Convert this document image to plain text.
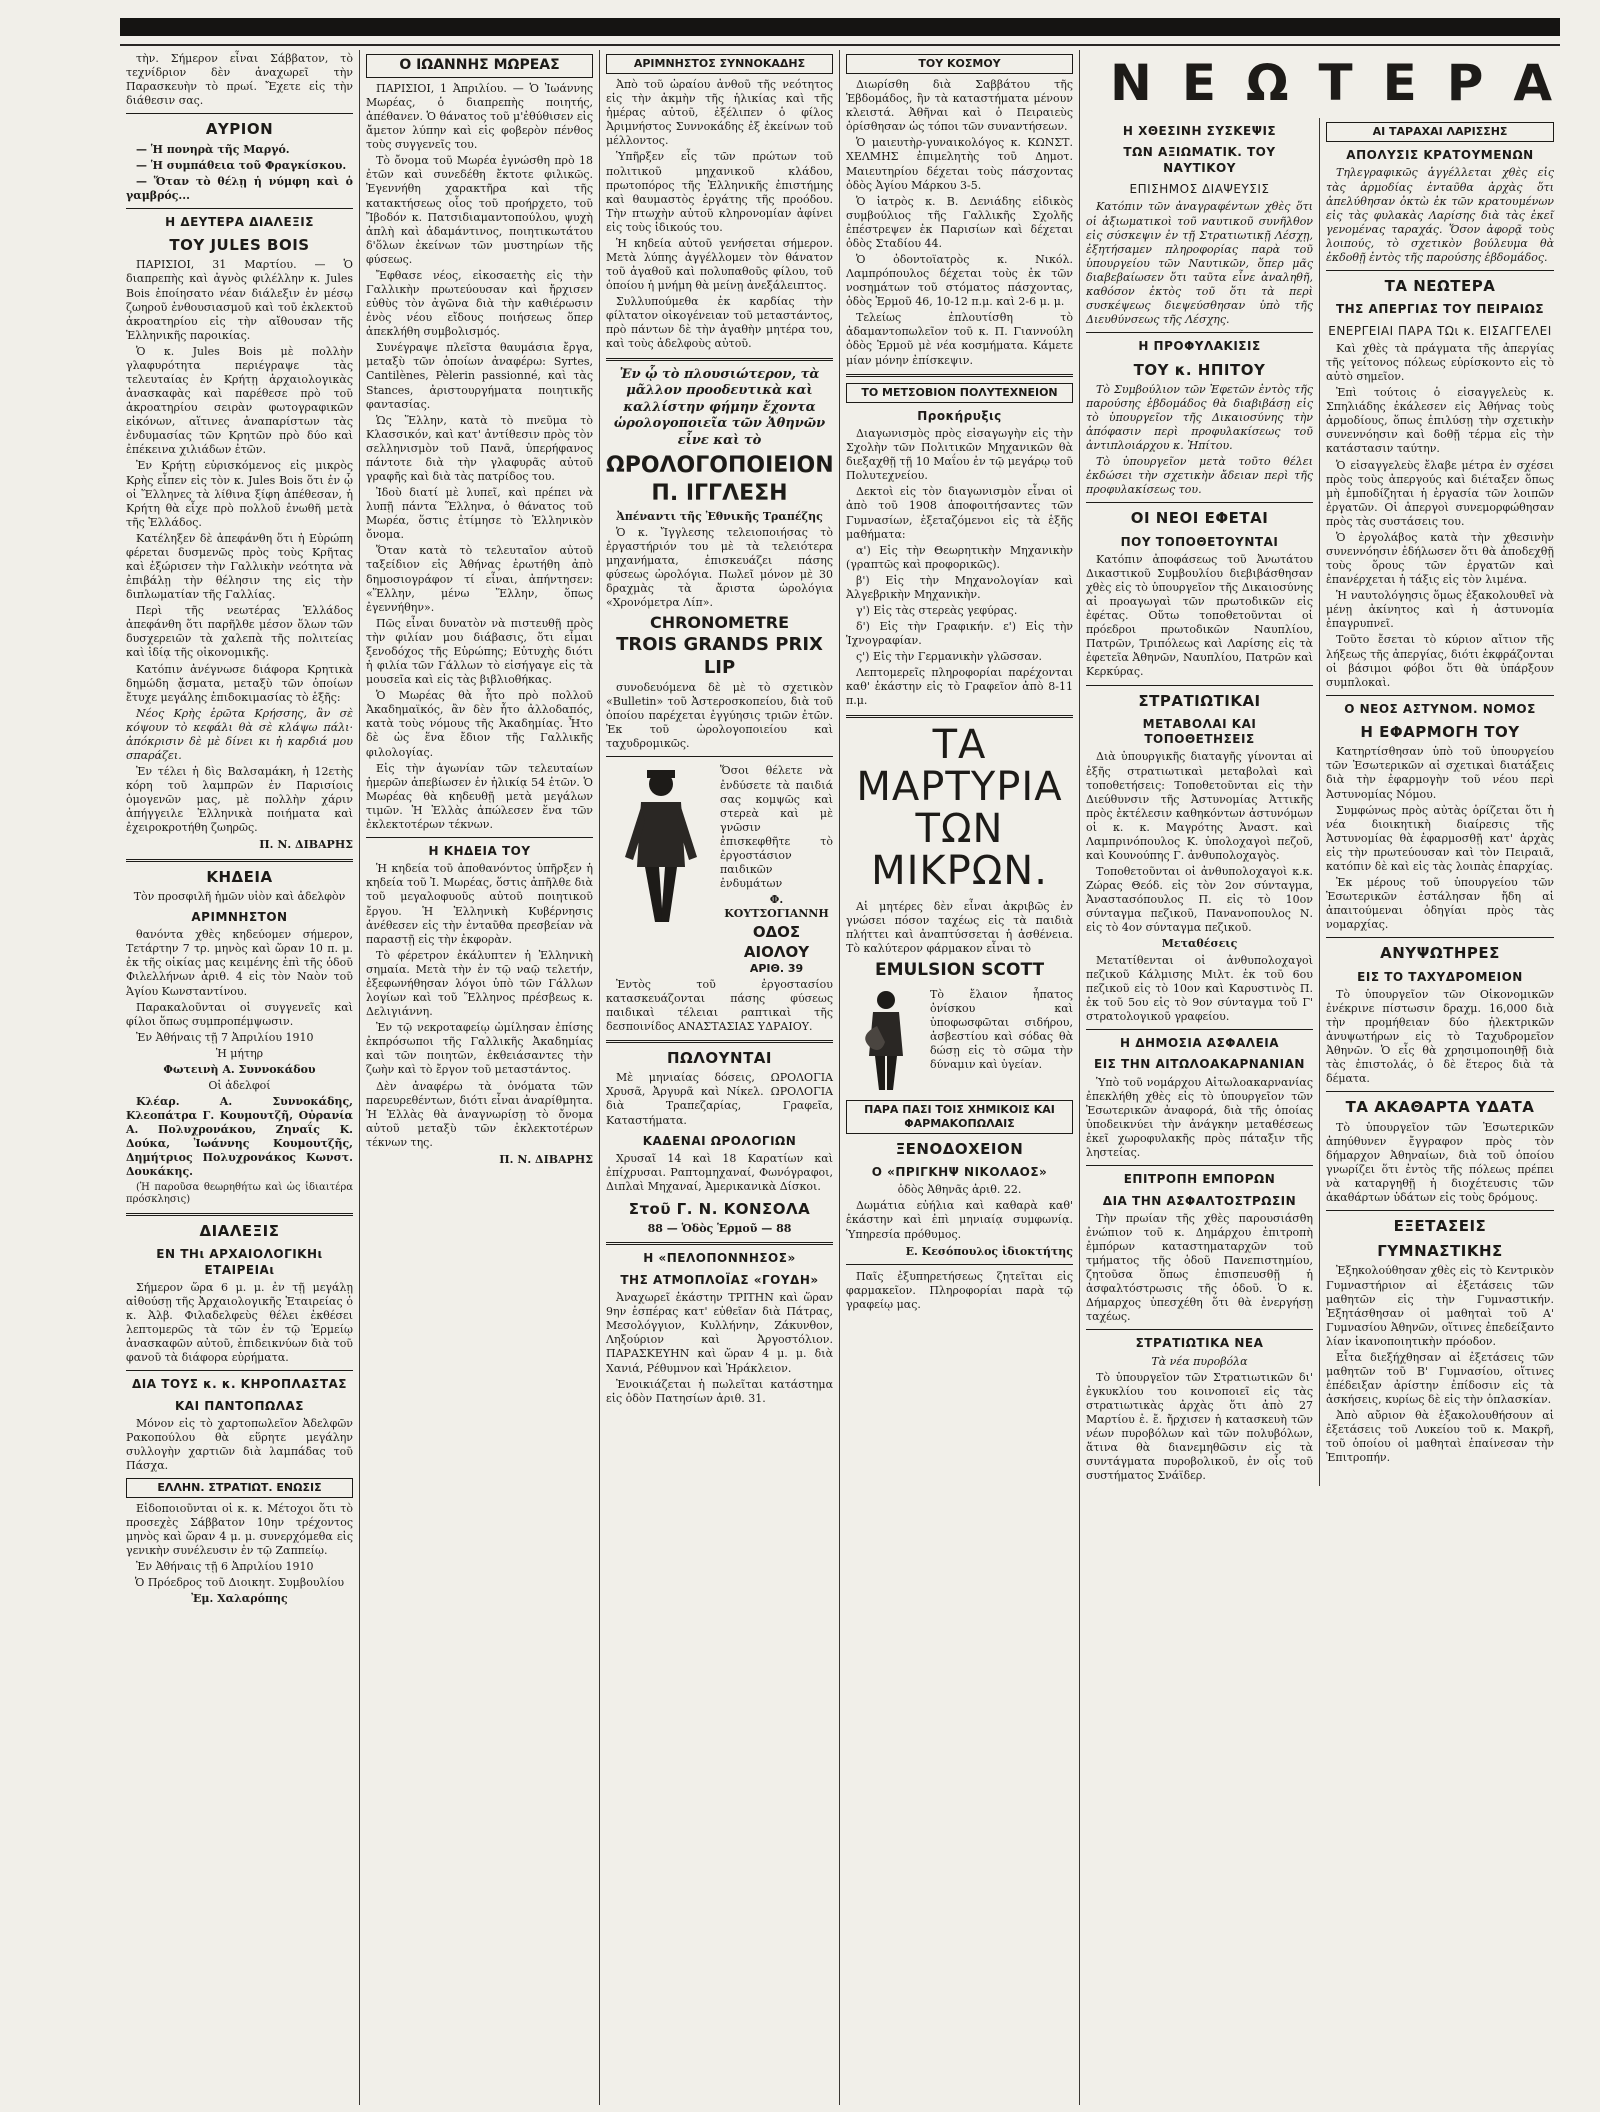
τὴν. Σήμερον εἶναι Σάββατον, τὸ τεχνίδριον δὲν ἀναχωρεῖ τὴν Παρασκευὴν τὸ πρωί. Ἔχετε εἰς τὴν διάθεσιν σας.
ΑΥΡΙΟΝ
— Ἡ πονηρὰ τῆς Μαργό.
— Ἡ συμπάθεια τοῦ Φραγκίσκου.
— Ὅταν τὸ θέλῃ ἡ νύμφη καὶ ὁ γαμβρός...
Η ΔΕΥΤΕΡΑ ΔΙΑΛΕΞΙΣ
ΤΟΥ JULES BOIS
ΠΑΡΙΣΙΟΙ, 31 Μαρτίου. — Ὁ διαπρεπὴς καὶ ἀγνὸς φιλέλλην κ. Jules Bois ἐποίησατο νέαν διάλεξιν ἐν μέσῳ ζωηροῦ ἐνθουσιασμοῦ καὶ τοῦ ἐκλεκτοῦ ἀκροατηρίου εἰς τὴν αἴθουσαν τῆς Ἑλληνικῆς παροικίας.
Ὁ κ. Jules Bois μὲ πολλὴν γλαφυρότητα περιέγραψε τὰς τελευταίας ἐν Κρήτῃ ἀρχαιολογικὰς ἀνασκαφὰς καὶ παρέθεσε πρὸ τοῦ ἀκροατηρίου σειρὰν φωτογραφικῶν εἰκόνων, αἵτινες ἀναπαρίστων τὰς ἐνδυμασίας τῶν Κρητῶν πρὸ δύο καὶ ἐπέκεινα χιλιάδων ἐτῶν.
Ἐν Κρήτῃ εὑρισκόμενος εἰς μικρὸς Κρὴς εἶπεν εἰς τὸν κ. Jules Bois ὅτι ἐν ᾧ οἱ Ἕλληνες τὰ λίθινα ξίφη ἀπέθεσαν, ἡ Κρήτη θὰ εἶχε πρὸ πολλοῦ ἑνωθῆ μετὰ τῆς Ἑλλάδος.
Κατέληξεν δὲ ἀπεφάνθη ὅτι ἡ Εὐρώπη φέρεται δυσμενῶς πρὸς τοὺς Κρῆτας καὶ ἐξώρισεν τὴν Γαλλικὴν νεότητα νὰ ἐπιβάλῃ τὴν θέλησιν της εἰς τὴν διπλωματίαν τῆς Γαλλίας.
Περὶ τῆς νεωτέρας Ἑλλάδος ἀπεφάνθη ὅτι παρῆλθε μέσον ὅλων τῶν δυσχερειῶν τὰ χαλεπὰ τῆς πολιτείας καὶ ἰδίᾳ τῆς οἰκονομικῆς.
Κατόπιν ἀνέγνωσε διάφορα Κρητικὰ δημώδη ᾄσματα, μεταξὺ τῶν ὁποίων ἔτυχε μεγάλης ἐπιδοκιμασίας τὸ ἑξῆς:
Νέος Κρὴς ἐρῶτα Κρήσσης, ἂν σὲ κόψουν τὸ κεφάλι θὰ σὲ κλάψω πάλι· ἀπόκρισιν δὲ μὲ δίνει κι ἡ καρδιά μου σπαράζει.
Ἐν τέλει ἡ δὶς Βαλσαμάκη, ἡ 12ετὴς κόρη τοῦ λαμπρῶν ἐν Παρισίοις ὁμογενῶν μας, μὲ πολλὴν χάριν ἀπήγγειλε Ἑλληνικὰ ποιήματα καὶ ἐχειροκροτήθη ζωηρῶς.
Π. Ν. ΔΙΒΑΡΗΣ
ΚΗΔΕΙΑ
Τὸν προσφιλῆ ἡμῶν υἱὸν καὶ ἀδελφὸν
ΑΡΙΜΝΗΣΤΟΝ
θανόντα χθὲς κηδεύομεν σήμερον, Τετάρτην 7 τρ. μηνὸς καὶ ὥραν 10 π. μ. ἐκ τῆς οἰκίας μας κειμένης ἐπὶ τῆς ὁδοῦ Φιλελλήνων ἀριθ. 4 εἰς τὸν Ναὸν τοῦ Ἁγίου Κωνσταντίνου.
Παρακαλοῦνται οἱ συγγενεῖς καὶ φίλοι ὅπως συμπροπέμψωσιν.
Ἐν Ἀθήναις τῇ 7 Ἀπριλίου 1910
Ἡ μήτηρ
Φωτεινὴ Α. Συννοκάδου
Οἱ ἀδελφοί
Κλέαρ. Α. Συννοκάδης, Κλεοπάτρα Γ. Κουμουτζῆ, Οὐρανία Α. Πολυχρονάκου, Ζηναΐς Κ. Δούκα, Ἰωάννης Κουμουτζῆς, Δημήτριος Πολυχρονάκος Κωνστ. Δουκάκης.
(Ἡ παροῦσα θεωρηθήτω καὶ ὡς ἰδιαιτέρα πρόσκλησις)
ΔΙΑΛΕΞΙΣ
ΕΝ ΤΗι ΑΡΧΑΙΟΛΟΓΙΚΗι ΕΤΑΙΡΕΙΑι
Σήμερον ὥρα 6 μ. μ. ἐν τῇ μεγάλῃ αἰθούσῃ τῆς Ἀρχαιολογικῆς Ἑταιρείας ὁ κ. Ἀλβ. Φιλαδελφεὺς θέλει ἐκθέσει λεπτομερῶς τὰ τῶν ἐν τῷ Ἑρμείῳ ἀνασκαφῶν αὐτοῦ, ἐπιδεικνύων διὰ τοῦ φανοῦ τὰ διάφορα εὑρήματα.
ΔΙΑ ΤΟΥΣ κ. κ. ΚΗΡΟΠΛΑΣΤΑΣ
ΚΑΙ ΠΑΝΤΟΠΩΛΑΣ
Μόνον εἰς τὸ χαρτοπωλεῖον Ἀδελφῶν Ρακοπούλου θὰ εὕρητε μεγάλην συλλογὴν χαρτιῶν διὰ λαμπάδας τοῦ Πάσχα.
ΕΛΛΗΝ. ΣΤΡΑΤΙΩΤ. ΕΝΩΣΙΣ
Εἰδοποιοῦνται οἱ κ. κ. Μέτοχοι ὅτι τὸ προσεχὲς Σάββατον 10ην τρέχοντος μηνὸς καὶ ὥραν 4 μ. μ. συνερχόμεθα εἰς γενικὴν συνέλευσιν ἐν τῷ Ζαππείῳ.
Ἐν Ἀθήναις τῇ 6 Ἀπριλίου 1910
Ὁ Πρόεδρος τοῦ Διοικητ. Συμβουλίου
Ἐμ. Χαλαρόπης
Ο ΙΩΑΝΝΗΣ ΜΩΡΕΑΣ
ΠΑΡΙΣΙΟΙ, 1 Ἀπριλίου. — Ὁ Ἰωάννης Μωρέας, ὁ διαπρεπὴς ποιητής, ἀπέθανεν. Ὁ θάνατος τοῦ μ'ἐθύθισεν εἰς ἄμετον λύπην καὶ εἰς φοβερὸν πένθος τοὺς συγγενεῖς του.
Τὸ ὄνομα τοῦ Μωρέα ἐγνώσθη πρὸ 18 ἐτῶν καὶ συνεδέθη ἔκτοτε φιλικῶς. Ἐγεννήθη χαρακτῆρα καὶ τῆς κατακτήσεως οἷος τοῦ προήρχετο, τοῦ Ἴβοδόν κ. Πατσιδιαμαντοπούλου, ψυχὴ ἁπλὴ καὶ ἀδαμάντινος, ποιητικωτάτου δ'ὅλων ἐκείνων τῶν μυστηρίων τῆς φύσεως.
Ἔφθασε νέος, εἰκοσαετὴς εἰς τὴν Γαλλικὴν πρωτεύουσαν καὶ ἤρχισεν εὐθὺς τὸν ἀγῶνα διὰ τὴν καθιέρωσιν ἑνὸς νέου εἴδους ποιήσεως ὅπερ ἀπεκλήθη συμβολισμός.
Συνέγραψε πλεῖστα θαυμάσια ἔργα, μεταξὺ τῶν ὁποίων ἀναφέρω: Syrtes, Cantilènes, Pèlerin passionné, καὶ τὰς Stances, ἀριστουργήματα ποιητικῆς φαντασίας.
Ὡς Ἕλλην, κατὰ τὸ πνεῦμα τὸ Κλασσικόν, καὶ κατ' ἀντίθεσιν πρὸς τὸν σελληνισμὸν τοῦ Πανᾶ, ὑπερήφανος πάντοτε διὰ τὴν γλαφυρᾶς αὐτοῦ γραφῆς καὶ διὰ τὰς πατρίδος του.
Ἰδοὺ διατί μὲ λυπεῖ, καὶ πρέπει νὰ λυπῇ πάντα Ἕλληνα, ὁ θάνατος τοῦ Μωρέα, ὅστις ἐτίμησε τὸ Ἑλληνικὸν ὄνομα.
Ὅταν κατὰ τὸ τελευταῖον αὐτοῦ ταξείδιον εἰς Ἀθήνας ἐρωτήθη ἀπὸ δημοσιογράφον τί εἶναι, ἀπήντησεν: «Ἕλλην, μένω Ἕλλην, ὅπως ἐγεννήθην».
Πῶς εἶναι δυνατὸν νὰ πιστευθῇ πρὸς τὴν φιλίαν μου διάβασις, ὅτι εἶμαι ξενοδόχος τῆς Εὐρώπης; Εὐτυχὴς διότι ἡ φιλία τῶν Γάλλων τὸ εἰσήγαγε εἰς τὰ μουσεῖα καὶ εἰς τὰς βιβλιοθήκας.
Ὁ Μωρέας θὰ ἦτο πρὸ πολλοῦ Ἀκαδημαϊκός, ἂν δὲν ἦτο ἀλλοδαπός, κατὰ τοὺς νόμους τῆς Ἀκαδημίας. Ἦτο δὲ ὡς ἕνα ἔδιον τῆς Γαλλικῆς φιλολογίας.
Εἰς τὴν ἀγωνίαν τῶν τελευταίων ἡμερῶν ἀπεβίωσεν ἐν ἡλικίᾳ 54 ἐτῶν. Ὁ Μωρέας θὰ κηδευθῇ μετὰ μεγάλων τιμῶν. Ἡ Ἑλλὰς ἀπώλεσεν ἕνα τῶν ἐκλεκτοτέρων τέκνων.
Η ΚΗΔΕΙΑ ΤΟΥ
Ἡ κηδεία τοῦ ἀποθανόντος ὑπῆρξεν ἡ κηδεία τοῦ Ἰ. Μωρέας, ὅστις ἀπῆλθε διὰ τοῦ μεγαλοφυοῦς αὐτοῦ ποιητικοῦ ἔργου. Ἡ Ἑλληνικὴ Κυβέρνησις ἀνέθεσεν εἰς τὴν ἐνταῦθα πρεσβείαν νὰ παραστῇ εἰς τὴν ἐκφορὰν.
Τὸ φέρετρον ἐκάλυπτεν ἡ Ἑλληνικὴ σημαία. Μετὰ τὴν ἐν τῷ ναῷ τελετήν, ἐξεφωνήθησαν λόγοι ὑπὸ τῶν Γάλλων λογίων καὶ τοῦ Ἕλληνος πρέσβεως κ. Δελιγιάννη.
Ἐν τῷ νεκροταφείῳ ὡμίλησαν ἐπίσης ἐκπρόσωποι τῆς Γαλλικῆς Ἀκαδημίας καὶ τῶν ποιητῶν, ἐκθειάσαντες τὴν ζωὴν καὶ τὸ ἔργον τοῦ μεταστάντος.
Δὲν ἀναφέρω τὰ ὀνόματα τῶν παρευρεθέντων, διότι εἶναι ἀναρίθμητα. Ἡ Ἑλλὰς θὰ ἀναγνωρίσῃ τὸ ὄνομα αὐτοῦ μεταξὺ τῶν ἐκλεκτοτέρων τέκνων της.
Π. Ν. ΔΙΒΑΡΗΣ
ΑΡΙΜΝΗΣΤΟΣ ΣΥΝΝΟΚΑΔΗΣ
Ἀπὸ τοῦ ὠραίου ἀνθοῦ τῆς νεότητος εἰς τὴν ἀκμὴν τῆς ἡλικίας καὶ τῆς ἡμέρας αὐτοῦ, ἐξέλιπεν ὁ φίλος Ἀριμνήστος Συννοκάδης ἐξ ἐκείνων τοῦ μέλλοντος.
Ὑπῆρξεν εἷς τῶν πρώτων τοῦ πολιτικοῦ μηχανικοῦ κλάδου, πρωτοπόρος τῆς Ἑλληνικῆς ἐπιστήμης καὶ θαυμαστὸς ἐργάτης τῆς προόδου. Τὴν πτωχὴν αὐτοῦ κληρονομίαν ἀφίνει εἰς τοὺς ἰδικούς του.
Ἡ κηδεία αὐτοῦ γενήσεται σήμερον. Μετὰ λύπης ἀγγέλλομεν τὸν θάνατον τοῦ ἀγαθοῦ καὶ πολυπαθοῦς φίλου, τοῦ ὁποίου ἡ μνήμη θὰ μείνῃ ἀνεξάλειπτος.
Συλλυπούμεθα ἐκ καρδίας τὴν φίλτατον οἰκογένειαν τοῦ μεταστάντος, πρὸ πάντων δὲ τὴν ἀγαθὴν μητέρα του, καὶ τοὺς ἀδελφοὺς αὐτοῦ.
Ἐν ᾧ τὸ πλουσιώτερον, τὰ μᾶλλον προοδευτικὰ καὶ καλλίστην φήμην ἔχοντα ὡρολογοποιεῖα τῶν Ἀθηνῶν εἶνε καὶ τὸ
ΩΡΟΛΟΓΟΠΟΙΕΙΟΝ
Π. ΙΓΓΛΕΣΗ
Ἀπέναντι τῆς Ἐθνικῆς Τραπέζης
Ὁ κ. Ἴγγλεσης τελειοποιήσας τὸ ἐργαστήριόν του μὲ τὰ τελειότερα μηχανήματα, ἐπισκευάζει πάσης φύσεως ὡρολόγια. Πωλεῖ μόνον μὲ 30 δραχμὰς τὰ ἄριστα ὡρολόγια «Χρονόμετρα Λίπ».
CHRONOMETRE
TROIS GRANDS PRIX LIP
συνοδευόμενα δὲ μὲ τὸ σχετικὸν «Bulletin» τοῦ Ἀστεροσκοπείου, διὰ τοῦ ὁποίου παρέχεται ἐγγύησις τριῶν ἐτῶν. Ἐκ τοῦ ὠρολογοποιείου καὶ ταχυδρομικῶς.
Ὅσοι θέλετε νὰ ἐνδύσετε τὰ παιδιά σας κομψῶς καὶ στερεὰ καὶ μὲ γνῶσιν ἐπισκεφθῆτε τὸ ἐργοστάσιον παιδικῶν ἐνδυμάτων
Φ. ΚΟΥΤΣΟΓΙΑΝΝΗ
ΟΔΟΣ ΑΙΟΛΟΥ
ΑΡΙΘ. 39
Ἐντὸς τοῦ ἐργοστασίου κατασκευάζονται πάσης φύσεως παιδικαὶ τέλειαι ραπτικαὶ τῆς δεσποινίδος ΑΝΑΣΤΑΣΙΑΣ ΥΔΡΑΙΟΥ.
ΠΩΛΟΥΝΤΑΙ
Μὲ μηνιαίας δόσεις, ΩΡΟΛΟΓΙΑ Χρυσᾶ, Ἀργυρᾶ καὶ Νίκελ. ΩΡΟΛΟΓΙΑ διὰ Τραπεζαρίας, Γραφεῖα, Καταστήματα.
ΚΑΔΕΝΑΙ ΩΡΟΛΟΓΙΩΝ
Χρυσαῖ 14 καὶ 18 Καρατίων καὶ ἐπίχρυσαι. Ραπτομηχαναί, Φωνόγραφοι, Διπλαὶ Μηχαναί, Ἀμερικανικὰ Δίσκοι.
Στοῦ Γ. Ν. ΚΟΝΣΟΛΑ
88 — Ὁδὸς Ἑρμοῦ — 88
Η «ΠΕΛΟΠΟΝΝΗΣΟΣ»
ΤΗΣ ΑΤΜΟΠΛΟΪΑΣ «ΓΟΥΔΗ»
Ἀναχωρεῖ ἑκάστην ΤΡΙΤΗΝ καὶ ὥραν 9ην ἑσπέρας κατ' εὐθεῖαν διὰ Πάτρας, Μεσολόγγιον, Κυλλήνην, Ζάκυνθον, Ληξούριον καὶ Ἀργοστόλιον. ΠΑΡΑΣΚΕΥΗΝ καὶ ὥραν 4 μ. μ. διὰ Χανιά, Ρέθυμνον καὶ Ἡράκλειον.
Ἐνοικιάζεται ἡ πωλεῖται κατάστημα εἰς ὁδὸν Πατησίων ἀριθ. 31.
ΤΟΥ ΚΟΣΜΟΥ
Διωρίσθη διὰ Σαββάτου τῆς Ἑβδομάδος, ἣν τὰ καταστήματα μένουν κλειστά. Ἀθῆναι καὶ ὁ Πειραιεὺς ὁρίσθησαν ὡς τόποι τῶν συναντήσεων.
Ὁ μαιευτὴρ-γυναικολόγος κ. ΚΩΝΣΤ. ΧΕΛΜΗΣ ἐπιμελητὴς τοῦ Δημοτ. Μαιευτηρίου δέχεται τοὺς πάσχοντας ὁδὸς Ἀγίου Μάρκου 3-5.
Ὁ ἰατρὸς κ. Β. Δενιάδης εἰδικὸς συμβούλιος τῆς Γαλλικῆς Σχολῆς ἐπέστρεψεν ἐκ Παρισίων καὶ δέχεται ὁδὸς Σταδίου 44.
Ὁ ὀδοντοϊατρὸς κ. Νικόλ. Λαμπρόπουλος δέχεται τοὺς ἐκ τῶν νοσημάτων τοῦ στόματος πάσχοντας, ὁδὸς Ἑρμοῦ 46, 10-12 π.μ. καὶ 2-6 μ. μ.
Τελείως ἐπλουτίσθη τὸ ἀδαμαντοπωλεῖον τοῦ κ. Π. Γιαννούλη ὁδὸς Ἑρμοῦ μὲ νέα κοσμήματα. Κάμετε μίαν μόνην ἐπίσκεψιν.
ΤΟ ΜΕΤΣΟΒΙΟΝ ΠΟΛΥΤΕΧΝΕΙΟΝ
Προκήρυξις
Διαγωνισμὸς πρὸς εἰσαγωγὴν εἰς τὴν Σχολὴν τῶν Πολιτικῶν Μηχανικῶν θὰ διεξαχθῇ τῇ 10 Μαΐου ἐν τῷ μεγάρῳ τοῦ Πολυτεχνείου.
Δεκτοὶ εἰς τὸν διαγωνισμὸν εἶναι οἱ ἀπὸ τοῦ 1908 ἀποφοιτήσαντες τῶν Γυμνασίων, ἐξεταζόμενοι εἰς τὰ ἑξῆς μαθήματα:
α') Εἰς τὴν Θεωρητικὴν Μηχανικὴν (γραπτῶς καὶ προφορικῶς).
β') Εἰς τὴν Μηχανολογίαν καὶ Ἀλγεβρικὴν Μηχανικὴν.
γ') Εἰς τὰς στερεὰς γεφύρας.
δ') Εἰς τὴν Γραφικήν. ε') Εἰς τὴν Ἱχνογραφίαν.
ς') Εἰς τὴν Γερμανικὴν γλῶσσαν.
Λεπτομερεῖς πληροφορίαι παρέχονται καθ' ἑκάστην εἰς τὸ Γραφεῖον ἀπὸ 8-11 π.μ.
ΤΑ
ΜΑΡΤΥΡΙΑ
ΤΩΝ
ΜΙΚΡΩΝ.
Αἱ μητέρες δὲν εἶναι ἀκριβῶς ἐν γνώσει πόσον ταχέως εἰς τὰ παιδιὰ πλήττει καὶ ἀναπτύσσεται ἡ ἀσθένεια. Τὸ καλύτερον φάρμακον εἶναι τὸ
EMULSION SCOTT
Τὸ ἔλαιον ἧπατος ὀνίσκου καὶ ὑποφωσφῶται σιδήρου, ἀσβεστίου καὶ σόδας θὰ δώσῃ εἰς τὸ σῶμα τὴν δύναμιν καὶ ὑγείαν.
ΠΑΡΑ ΠΑΣΙ ΤΟΙΣ ΧΗΜΙΚΟΙΣ ΚΑΙ ΦΑΡΜΑΚΟΠΩΛΑΙΣ
ΞΕΝΟΔΟΧΕΙΟΝ
Ο «ΠΡΙΓΚΗΨ ΝΙΚΟΛΑΟΣ»
ὁδὸς Ἀθηνᾶς ἀριθ. 22.
Δωμάτια εὐήλια καὶ καθαρὰ καθ' ἑκάστην καὶ ἐπὶ μηνιαίᾳ συμφωνίᾳ. Ὑπηρεσία πρόθυμος.
Ε. Κεσόπουλος ἰδιοκτήτης
Παῖς ἐξυπηρετήσεως ζητεῖται εἰς φαρμακεῖον. Πληροφορίαι παρὰ τῷ γραφείῳ μας.
ΝΕΩΤΕΡΑ
Η ΧΘΕΣΙΝΗ ΣΥΣΚΕΨΙΣ
ΤΩΝ ΑΞΙΩΜΑΤΙΚ. ΤΟΥ ΝΑΥΤΙΚΟΥ
ΕΠΙΣΗΜΟΣ ΔΙΑΨΕΥΣΙΣ
Κατόπιν τῶν ἀναγραφέντων χθὲς ὅτι οἱ ἀξιωματικοὶ τοῦ ναυτικοῦ συνῆλθον εἰς σύσκεψιν ἐν τῇ Στρατιωτικῇ Λέσχῃ, ἐξητήσαμεν πληροφορίας παρὰ τοῦ ὑπουργείου τῶν Ναυτικῶν, ὅπερ μᾶς διαβεβαίωσεν ὅτι ταῦτα εἶνε ἀναληθῆ, καθόσον ἐκτὸς τοῦ ὅτι τὰ περὶ συσκέψεως διεψεύσθησαν ὑπὸ τῆς Διευθύνσεως τῆς Λέσχης.
Η ΠΡΟΦΥΛΑΚΙΣΙΣ
ΤΟΥ κ. ΗΠΙΤΟΥ
Τὸ Συμβούλιον τῶν Ἐφετῶν ἐντὸς τῆς παρούσης ἑβδομάδος θὰ διαβιβάσῃ εἰς τὸ ὑπουργεῖον τῆς Δικαιοσύνης τὴν ἀπόφασιν περὶ προφυλακίσεως τοῦ ἀντιπλοιάρχου κ. Ἠπίτου.
Τὸ ὑπουργεῖον μετὰ τοῦτο θέλει ἐκδώσει τὴν σχετικὴν ἄδειαν περὶ τῆς προφυλακίσεως του.
ΟΙ ΝΕΟΙ ΕΦΕΤΑΙ
ΠΟΥ ΤΟΠΟΘΕΤΟΥΝΤΑΙ
Κατόπιν ἀποφάσεως τοῦ Ἀνωτάτου Δικαστικοῦ Συμβουλίου διεβιβάσθησαν χθὲς εἰς τὸ ὑπουργεῖον τῆς Δικαιοσύνης αἱ προαγωγαὶ τῶν πρωτοδικῶν εἰς ἐφέτας. Οὕτω τοποθετοῦνται οἱ πρόεδροι πρωτοδικῶν Ναυπλίου, Πατρῶν, Τριπόλεως καὶ Λαρίσης εἰς τὰ ἐφετεῖα Ἀθηνῶν, Ναυπλίου, Πατρῶν καὶ Κερκύρας.
ΣΤΡΑΤΙΩΤΙΚΑΙ
ΜΕΤΑΒΟΛΑΙ ΚΑΙ ΤΟΠΟΘΕΤΗΣΕΙΣ
Διὰ ὑπουργικῆς διαταγῆς γίνονται αἱ ἑξῆς στρατιωτικαὶ μεταβολαὶ καὶ τοποθετήσεις: Τοποθετοῦνται εἰς τὴν Διεύθυνσιν τῆς Ἀστυνομίας Ἀττικῆς πρὸς ἐκτέλεσιν καθηκόντων ἀστυνόμων οἱ κ. κ. Μαγρότης Ἀναστ. καὶ Λαμπρινόπουλος Κ. ὑπολοχαγοὶ πεζοῦ, καὶ Κουνούπης Γ. ἀνθυπολοχαγὸς.
Τοποθετοῦνται οἱ ἀνθυπολοχαγοὶ κ.κ. Ζώρας Θεόδ. εἰς τὸν 2ον σύνταγμα, Ἀναστασόπουλος Π. εἰς τὸ 10ον σύνταγμα πεζικοῦ, Πανανοπουλος Ν. εἰς τὸ 4ον σύνταγμα πεζικοῦ.
Μεταθέσεις
Μετατίθενται οἱ ἀνθυπολοχαγοὶ πεζικοῦ Κάλμισης Μιλτ. ἐκ τοῦ 6ου πεζικοῦ εἰς τὸ 10ον καὶ Καρυστινὸς Π. ἐκ τοῦ 5ου εἰς τὸ 9ον σύνταγμα τοῦ Γ' στρατολογικοῦ γραφείου.
Η ΔΗΜΟΣΙΑ ΑΣΦΑΛΕΙΑ
ΕΙΣ ΤΗΝ ΑΙΤΩΛΟΑΚΑΡΝΑΝΙΑΝ
Ὑπὸ τοῦ νομάρχου Αἰτωλοακαρνανίας ἐπεκλήθη χθὲς εἰς τὸ ὑπουργεῖον τῶν Ἐσωτερικῶν ἀναφορά, διὰ τῆς ὁποίας ὑποδεικνύει τὴν ἀνάγκην μεταθέσεως ἐκεῖ χωροφυλακῆς πρὸς πάταξιν τῆς ληστείας.
ΕΠΙΤΡΟΠΗ ΕΜΠΟΡΩΝ
ΔΙΑ ΤΗΝ ΑΣΦΑΛΤΟΣΤΡΩΣΙΝ
Τὴν πρωίαν τῆς χθὲς παρουσιάσθη ἐνώπιον τοῦ κ. Δημάρχου ἐπιτροπὴ ἐμπόρων καταστηματαρχῶν τοῦ τμήματος τῆς ὁδοῦ Πανεπιστημίου, ζητοῦσα ὅπως ἐπισπευσθῇ ἡ ἀσφαλτόστρωσις τῆς ὁδοῦ. Ὁ κ. Δήμαρχος ὑπεσχέθη ὅτι θὰ ἐνεργήσῃ ταχέως.
ΣΤΡΑΤΙΩΤΙΚΑ ΝΕΑ
Τὰ νέα πυροβόλα
Τὸ ὑπουργεῖον τῶν Στρατιωτικῶν δι' ἐγκυκλίου του κοινοποιεῖ εἰς τὰς στρατιωτικὰς ἀρχὰς ὅτι ἀπὸ 27 Μαρτίου ἐ. ἔ. ἤρχισεν ἡ κατασκευὴ τῶν νέων πυροβόλων καὶ τῶν πολυβόλων, ἅτινα θὰ διανεμηθῶσιν εἰς τὰ συντάγματα πυροβολικοῦ, ἐν οἷς τοῦ συστήματος Σνάϊδερ.
ΑΙ ΤΑΡΑΧΑΙ ΛΑΡΙΣΣΗΣ
ΑΠΟΛΥΣΙΣ ΚΡΑΤΟΥΜΕΝΩΝ
Τηλεγραφικῶς ἀγγέλλεται χθὲς εἰς τὰς ἁρμοδίας ἐνταῦθα ἀρχὰς ὅτι ἀπελύθησαν ὀκτὼ ἐκ τῶν κρατουμένων εἰς τὰς φυλακὰς Λαρίσης διὰ τὰς ἐκεῖ γενομένας ταραχάς. Ὅσον ἀφορᾷ τοὺς λοιπούς, τὸ σχετικὸν βούλευμα θὰ ἐκδοθῇ ἐντὸς τῆς παρούσης ἑβδομάδος.
ΤΑ ΝΕΩΤΕΡΑ
ΤΗΣ ΑΠΕΡΓΙΑΣ ΤΟΥ ΠΕΙΡΑΙΩΣ
ΕΝΕΡΓΕΙΑΙ ΠΑΡΑ ΤΩι κ. ΕΙΣΑΓΓΕΛΕΙ
Καὶ χθὲς τὰ πράγματα τῆς ἀπεργίας τῆς γείτονος πόλεως εὑρίσκοντο εἰς τὸ αὐτὸ σημεῖον.
Ἐπὶ τούτοις ὁ εἰσαγγελεὺς κ. Σπηλιάδης ἐκάλεσεν εἰς Ἀθήνας τοὺς ἀρμοδίους, ὅπως ἐπιλύσῃ τὴν σχετικὴν συνεννόησιν καὶ δοθῇ τέρμα εἰς τὴν κατάστασιν ταύτην.
Ὁ εἰσαγγελεὺς ἔλαβε μέτρα ἐν σχέσει πρὸς τοὺς ἀπεργούς καὶ διέταξεν ὅπως μὴ ἐμποδίζηται ἡ ἐργασία τῶν λοιπῶν ἐργατῶν. Οἱ ἀπεργοὶ συνεμορφώθησαν πρὸς τὰς συστάσεις του.
Ὁ ἐργολάβος κατὰ τὴν χθεσινὴν συνεννόησιν ἐδήλωσεν ὅτι θὰ ἀποδεχθῇ τοὺς ὅρους τῶν ἐργατῶν καὶ ἐπανέρχεται ἡ τάξις εἰς τὸν λιμένα.
Ἡ ναυτολόγησις ὅμως ἐξακολουθεῖ νὰ μένῃ ἀκίνητος καὶ ἡ ἀστυνομία ἐπαγρυπνεῖ.
Τοῦτο ἔσεται τὸ κύριον αἴτιον τῆς λήξεως τῆς ἀπεργίας, διότι ἐκφράζονται οἱ βάσιμοι φόβοι ὅτι θὰ ὑπάρξουν συμπλοκαὶ.
Ο ΝΕΟΣ ΑΣΤΥΝΟΜ. ΝΟΜΟΣ
Η ΕΦΑΡΜΟΓΗ ΤΟΥ
Κατηρτίσθησαν ὑπὸ τοῦ ὑπουργείου τῶν Ἐσωτερικῶν αἱ σχετικαὶ διατάξεις διὰ τὴν ἐφαρμογὴν τοῦ νέου περὶ Ἀστυνομίας Νόμου.
Συμφώνως πρὸς αὐτὰς ὁρίζεται ὅτι ἡ νέα διοικητικὴ διαίρεσις τῆς Ἀστυνομίας θὰ ἐφαρμοσθῇ κατ' ἀρχὰς εἰς τὴν πρωτεύουσαν καὶ τὸν Πειραιᾶ, κατόπιν δὲ καὶ εἰς τὰς λοιπὰς ἐπαρχίας.
Ἐκ μέρους τοῦ ὑπουργείου τῶν Ἐσωτερικῶν ἐστάλησαν ἤδη αἱ ἀπαιτούμεναι ὁδηγίαι πρὸς τὰς νομαρχίας.
ΑΝΥΨΩΤΗΡΕΣ
ΕΙΣ ΤΟ ΤΑΧΥΔΡΟΜΕΙΟΝ
Τὸ ὑπουργεῖον τῶν Οἰκονομικῶν ἐνέκρινε πίστωσιν δραχμ. 16,000 διὰ τὴν προμήθειαν δύο ἠλεκτρικῶν ἀνυψωτήρων εἰς τὸ Ταχυδρομεῖον Ἀθηνῶν. Ὁ εἷς θὰ χρησιμοποιηθῇ διὰ τὰς ἐπιστολάς, ὁ δὲ ἕτερος διὰ τὰ δέματα.
ΤΑ ΑΚΑΘΑΡΤΑ ΥΔΑΤΑ
Τὸ ὑπουργεῖον τῶν Ἐσωτερικῶν ἀπηύθυνεν ἔγγραφον πρὸς τὸν δήμαρχον Ἀθηναίων, διὰ τοῦ ὁποίου γνωρίζει ὅτι ἐντὸς τῆς πόλεως πρέπει νὰ καταργηθῇ ἡ διοχέτευσις τῶν ἀκαθάρτων ὑδάτων εἰς τοὺς δρόμους.
ΕΞΕΤΑΣΕΙΣ
ΓΥΜΝΑΣΤΙΚΗΣ
Ἐξηκολούθησαν χθὲς εἰς τὸ Κεντρικὸν Γυμναστήριον αἱ ἐξετάσεις τῶν μαθητῶν εἰς τὴν Γυμναστικήν. Ἐξητάσθησαν οἱ μαθηταὶ τοῦ Α' Γυμνασίου Ἀθηνῶν, οἵτινες ἐπεδείξαντο λίαν ἱκανοποιητικὴν πρόοδον.
Εἶτα διεξήχθησαν αἱ ἐξετάσεις τῶν μαθητῶν τοῦ Β' Γυμνασίου, οἵτινες ἐπέδειξαν ἀρίστην ἐπίδοσιν εἰς τὰ ἀσκήσεις, κυρίως δὲ εἰς τὴν ὁπλασκίαν.
Ἀπὸ αὔριον θὰ ἐξακολουθήσουν αἱ ἐξετάσεις τοῦ Λυκείου τοῦ κ. Μακρῆ, τοῦ ὁποίου οἱ μαθηταὶ ἐπαίνεσαν τὴν Ἐπιτροπήν.
